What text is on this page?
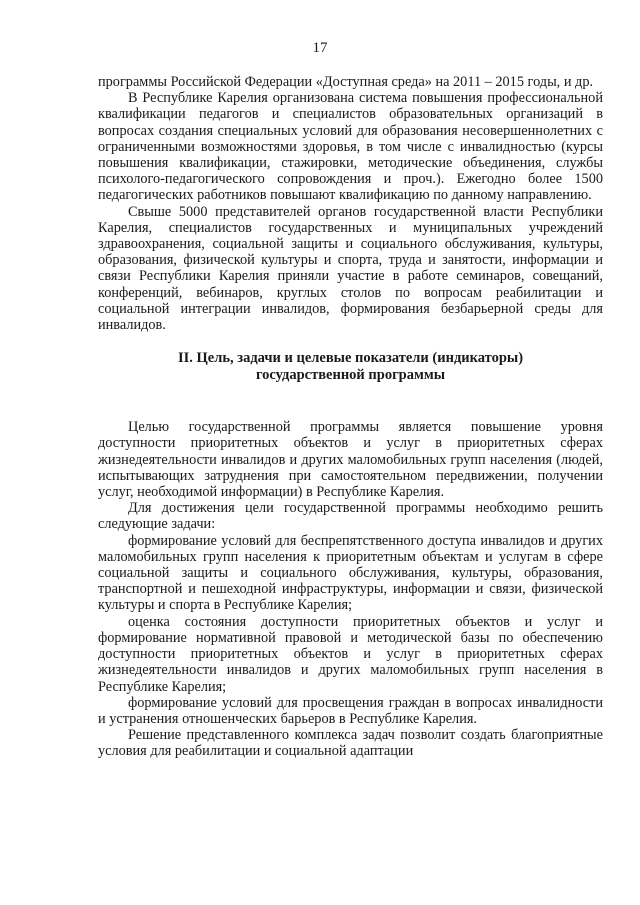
17

программы Российской Федерации «Доступная среда» на 2011 – 2015 годы, и др.

В Республике Карелия организована система повышения профессиональной квалификации педагогов и специалистов образовательных организаций в вопросах создания специальных условий для образования несовершеннолетних с ограниченными возможностями здоровья, в том числе с инвалидностью (курсы повышения квалификации, стажировки, методические объединения, службы психолого-педагогического сопровождения и проч.). Ежегодно более 1500 педагогических работников повышают квалификацию по данному направлению.

Свыше 5000 представителей органов государственной власти Республики Карелия, специалистов государственных и муниципальных учреждений здравоохранения, социальной защиты и социального обслуживания, культуры, образования, физической культуры и спорта, труда и занятости, информации и связи Республики Карелия приняли участие в работе семинаров, совещаний, конференций, вебинаров, круглых столов по вопросам реабилитации и социальной интеграции инвалидов, формирования безбарьерной среды для инвалидов.

II. Цель, задачи и целевые показатели (индикаторы)
государственной программы

Целью государственной программы является повышение уровня доступности приоритетных объектов и услуг в приоритетных сферах жизнедеятельности инвалидов и других маломобильных групп населения (людей, испытывающих затруднения при самостоятельном передвижении, получении услуг, необходимой информации) в Республике Карелия.

Для достижения цели государственной программы необходимо решить следующие задачи:

формирование условий для беспрепятственного доступа инвалидов и других маломобильных групп населения к приоритетным объектам и услугам в сфере социальной защиты и социального обслуживания, культуры, образования, транспортной и пешеходной инфраструктуры, информации и связи, физической культуры и спорта в Республике Карелия;

оценка состояния доступности приоритетных объектов и услуг и формирование нормативной правовой и методической базы по обеспечению доступности приоритетных объектов и услуг в приоритетных сферах жизнедеятельности инвалидов и других маломобильных групп населения в Республике Карелия;

формирование условий для просвещения граждан в вопросах инвалидности и устранения отношенческих барьеров в Республике Карелия.

Решение представленного комплекса задач позволит создать благоприятные условия для реабилитации и социальной адаптации
